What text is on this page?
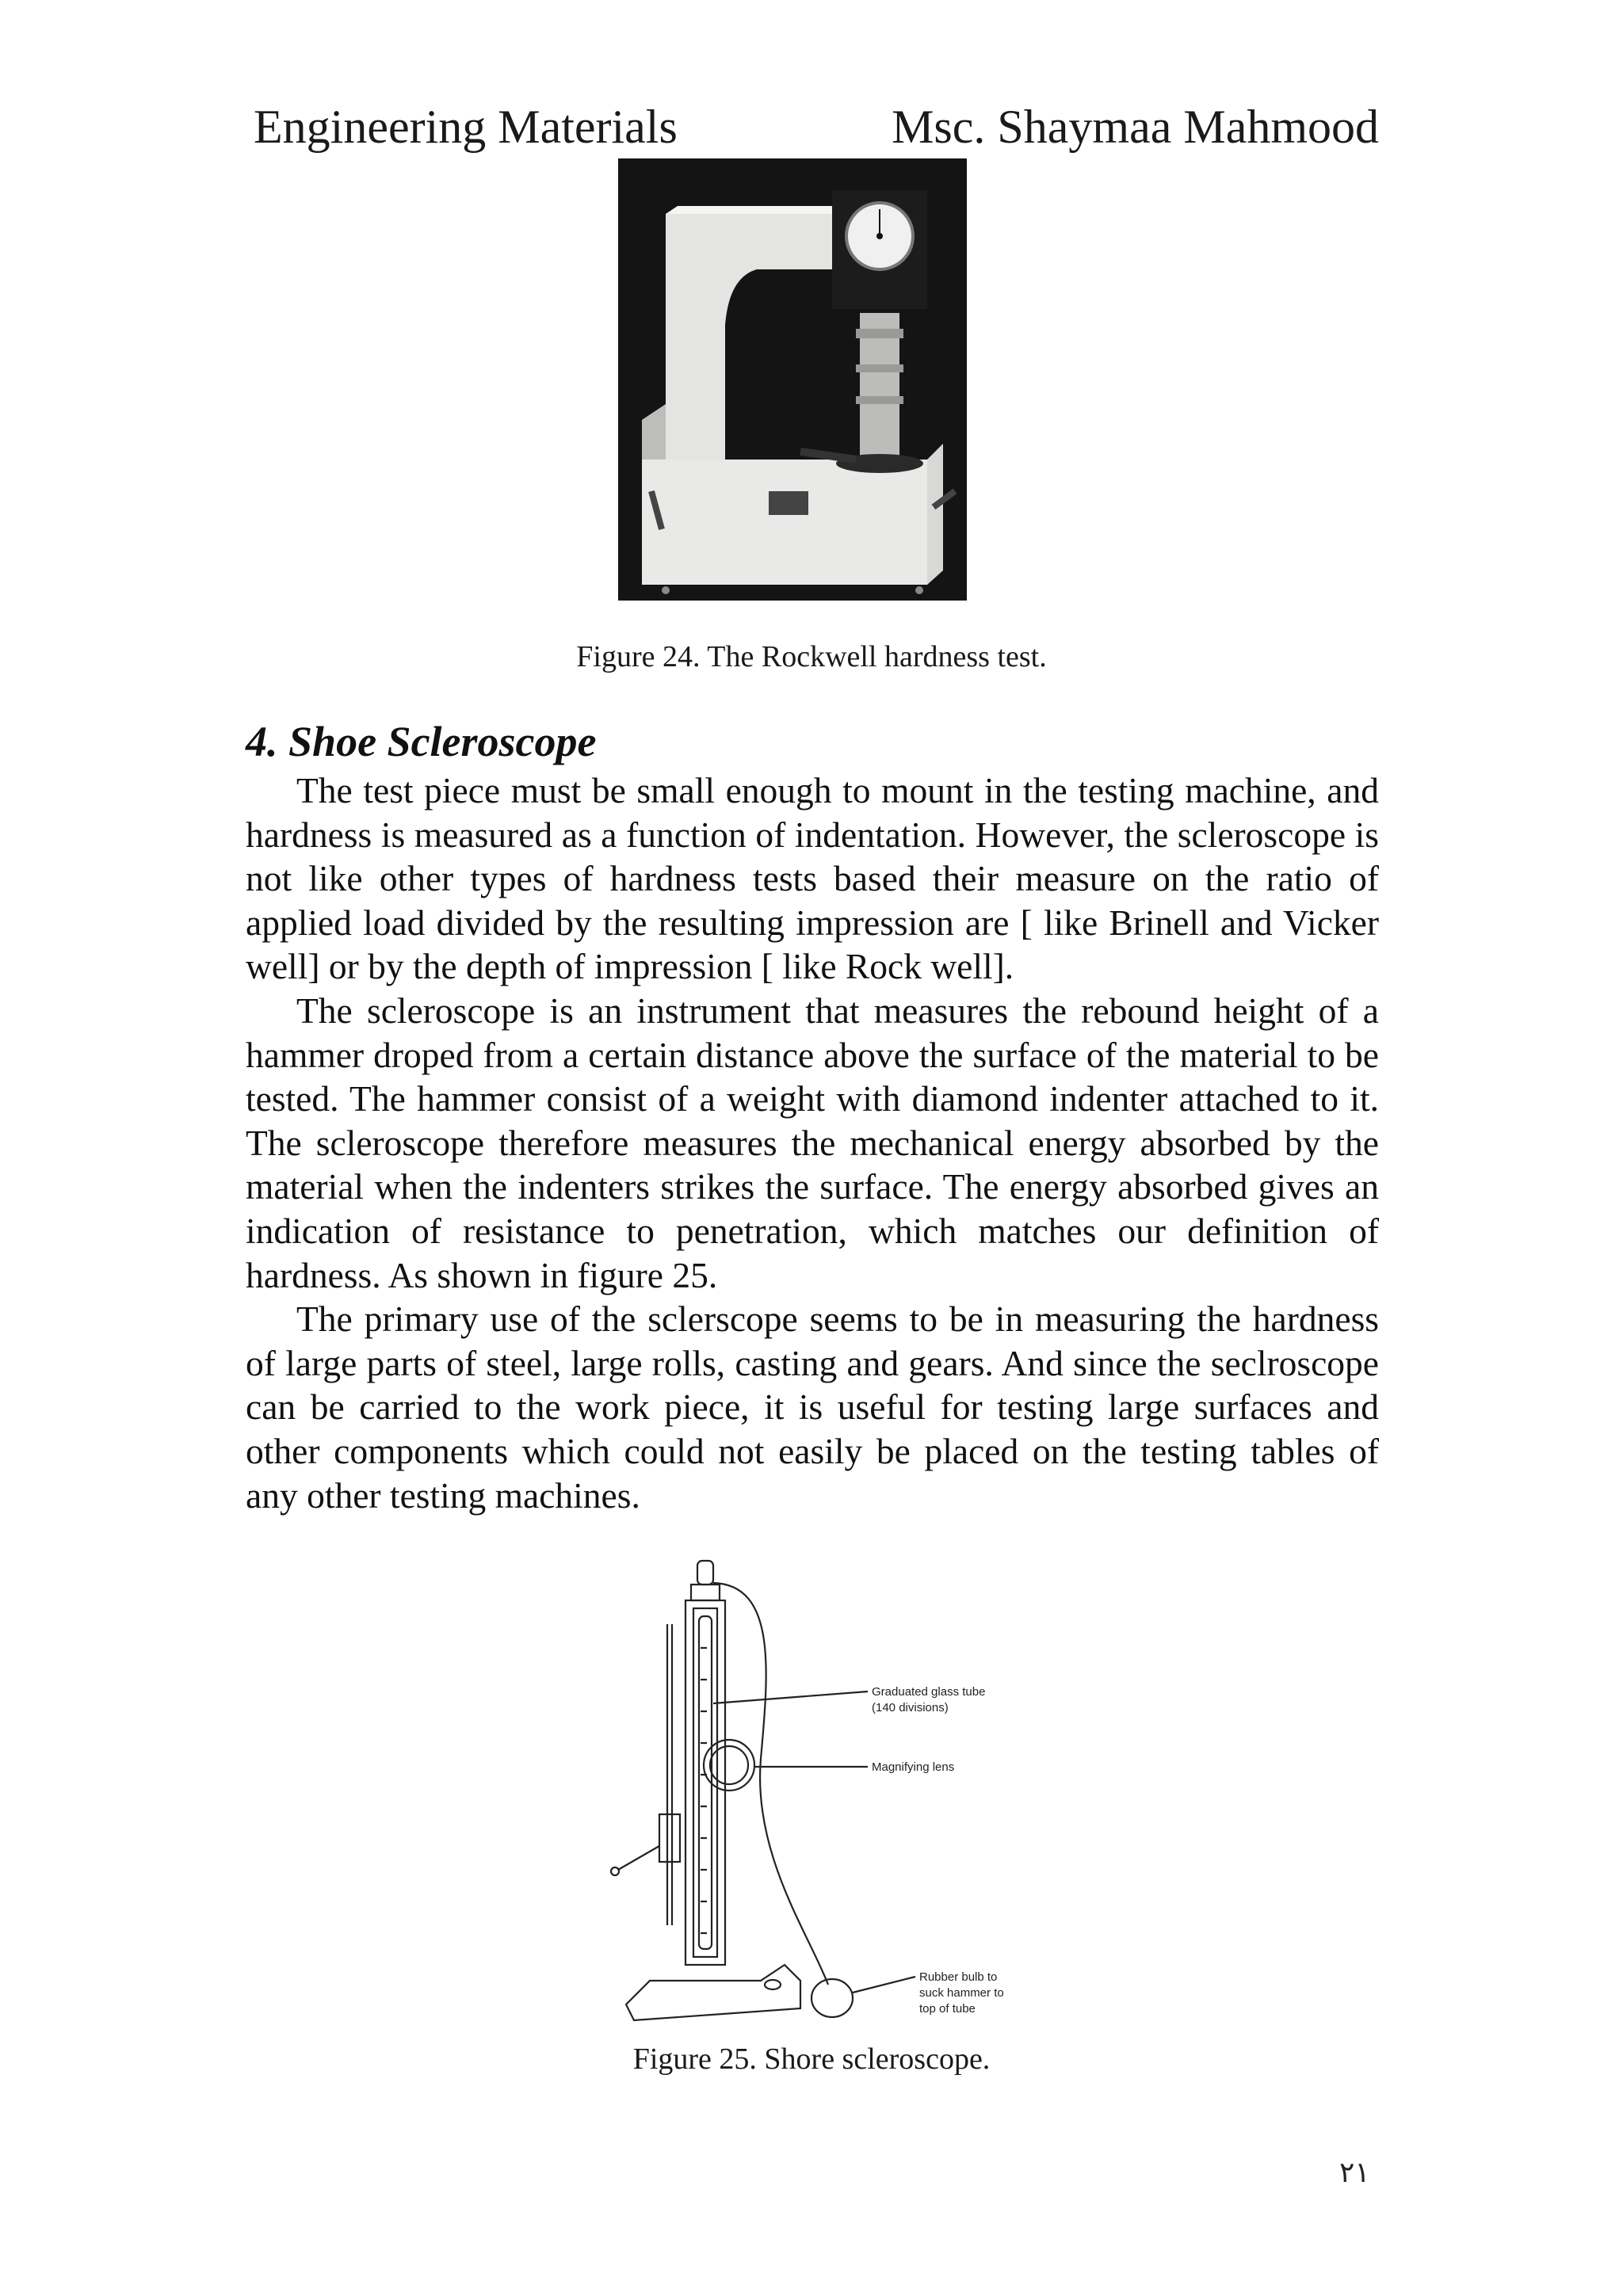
Engineering Materials	Msc. Shaymaa Mahmood
Figure 24. The Rockwell hardness test.
4. Shoe Scleroscope

The test piece must be small enough to mount in the testing machine, and hardness is measured as a function of indentation. However, the scleroscope is not like other types of hardness tests based their measure on the ratio of applied load divided by the resulting impression are [ like Brinell and Vicker well] or by the depth of impression [ like Rock well].

The scleroscope is an instrument that measures the rebound height of a hammer droped from a certain distance above the surface of the material to be tested. The hammer consist of a weight with diamond indenter attached to it. The scleroscope therefore measures the mechanical energy absorbed by the material when the indenters strikes the surface. The energy absorbed gives an indication of resistance to penetration, which matches our definition of hardness. As shown in figure 25.

The primary use of the sclerscope seems to be in measuring the hardness of large parts of steel, large rolls, casting and gears. And since the seclroscope can be carried to the work piece, it is useful for testing large surfaces and other components which could not easily be placed on the testing tables of any other testing machines.

Graduated glass tube
(140 divisions)
Magnifying lens
Rubber bulb to
suck hammer to
top of tube
Figure 25. Shore scleroscope.
٢١
